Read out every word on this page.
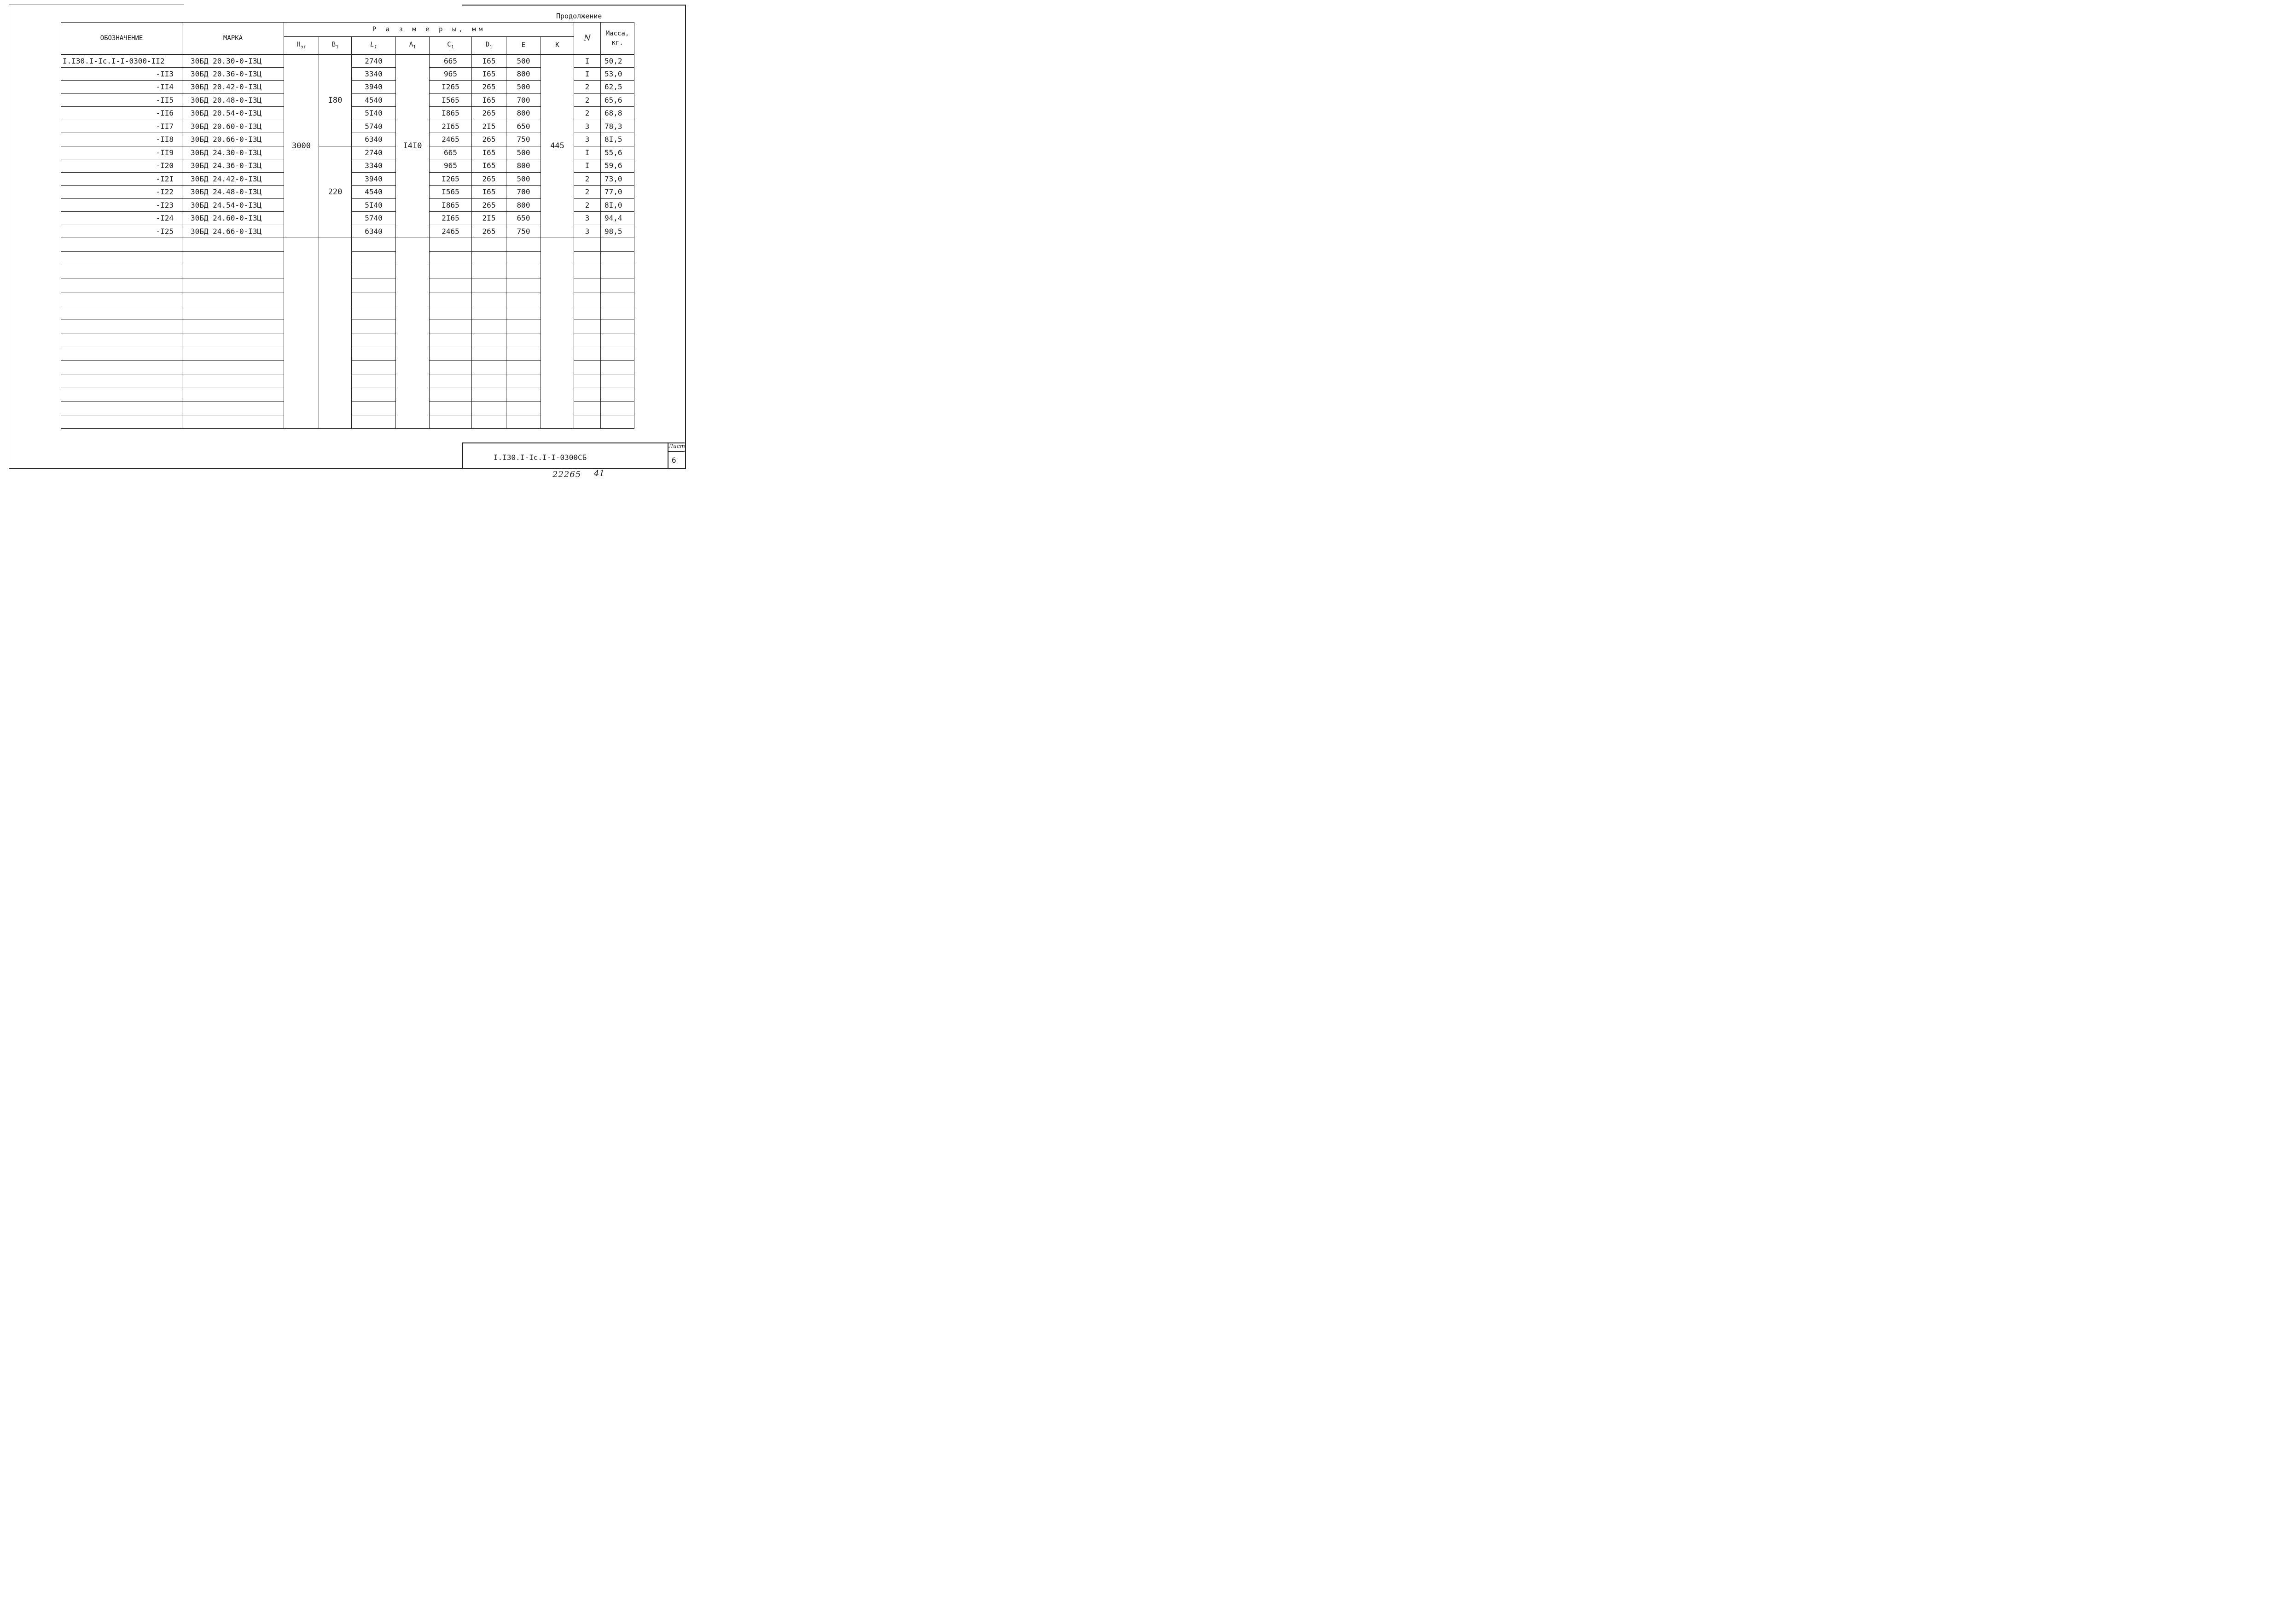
Продолжение
ОБОЗНАЧЕНИЕ	МАРКА	Р а з м е р ы, мм								N	Масса, кг.
		$H_{эт}$	$B_1$	$L_1$	$A_1$	$C_1$	$D_1$	E	K		
I.I30.I-Ic.I-I-0300-II2	30БД 20.30-0-I3Ц	3000	I80	2740	I4I0	665	I65	500	445	I	50,2
-II3	30БД 20.36-0-I3Ц			3340		965	I65	800		I	53,0
-II4	30БД 20.42-0-I3Ц			3940		I265	265	500		2	62,5
-II5	30БД 20.48-0-I3Ц			4540		I565	I65	700		2	65,6
-II6	30БД 20.54-0-I3Ц			5I40		I865	265	800		2	68,8
-II7	30БД 20.60-0-I3Ц			5740		2I65	2I5	650		3	78,3
-II8	30БД 20.66-0-I3Ц			6340		2465	265	750		3	8I,5
-II9	30БД 24.30-0-I3Ц		220	2740		665	I65	500		I	55,6
-I20	30БД 24.36-0-I3Ц			3340		965	I65	800		I	59,6
-I2I	30БД 24.42-0-I3Ц			3940		I265	265	500		2	73,0
-I22	30БД 24.48-0-I3Ц			4540		I565	I65	700		2	77,0
-I23	30БД 24.54-0-I3Ц			5I40		I865	265	800		2	8I,0
-I24	30БД 24.60-0-I3Ц			5740		2I65	2I5	650		3	94,4
-I25	30БД 24.66-0-I3Ц			6340		2465	265	750		3	98,5

I.I30.I-Ic.I-I-0300СБ
Лист
6
22265 41
